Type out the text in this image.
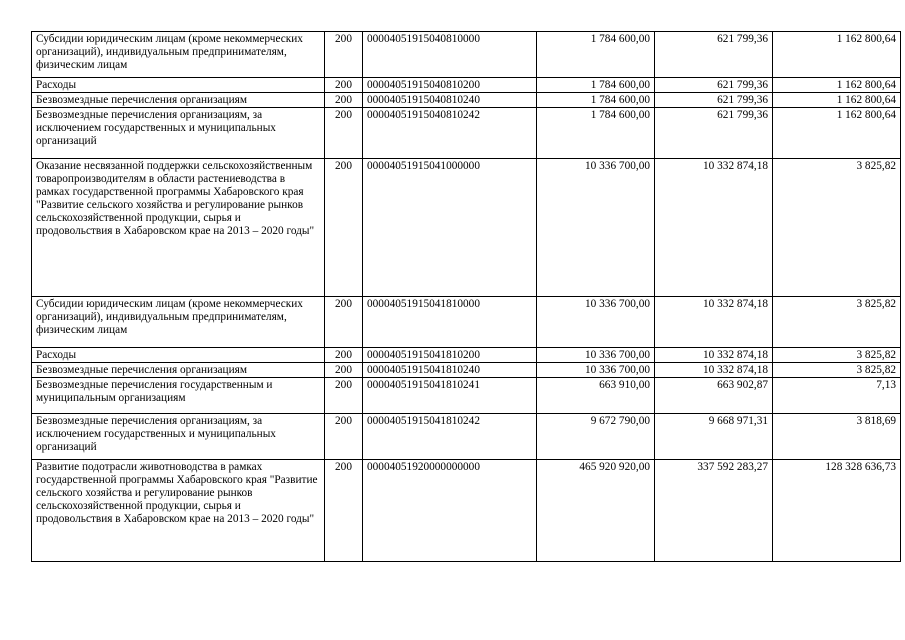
Субсидии юридическим лицам (кроме некоммерческих организаций), индивидуальным предпринимателям, физическим лицам	200	00004051915040810000	1 784 600,00	621 799,36	1 162 800,64
Расходы	200	00004051915040810200	1 784 600,00	621 799,36	1 162 800,64
Безвозмездные перечисления организациям	200	00004051915040810240	1 784 600,00	621 799,36	1 162 800,64
Безвозмездные перечисления организациям, за исключением государственных и муниципальных организаций	200	00004051915040810242	1 784 600,00	621 799,36	1 162 800,64
Оказание несвязанной поддержки сельскохозяйственным товаропроизводителям в области растениеводства в рамках государственной программы Хабаровского края "Развитие сельского хозяйства и регулирование рынков сельскохозяйственной продукции, сырья и продовольствия в Хабаровском крае на 2013 – 2020 годы"	200	00004051915041000000	10 336 700,00	10 332 874,18	3 825,82
Субсидии юридическим лицам (кроме некоммерческих организаций), индивидуальным предпринимателям, физическим лицам	200	00004051915041810000	10 336 700,00	10 332 874,18	3 825,82
Расходы	200	00004051915041810200	10 336 700,00	10 332 874,18	3 825,82
Безвозмездные перечисления организациям	200	00004051915041810240	10 336 700,00	10 332 874,18	3 825,82
Безвозмездные перечисления государственным и муниципальным организациям	200	00004051915041810241	663 910,00	663 902,87	7,13
Безвозмездные перечисления организациям, за исключением государственных и муниципальных организаций	200	00004051915041810242	9 672 790,00	9 668 971,31	3 818,69
Развитие подотрасли животноводства в рамках государственной программы Хабаровского края "Развитие сельского хозяйства и регулирование рынков сельскохозяйственной продукции, сырья и продовольствия в Хабаровском крае на 2013 – 2020 годы"	200	00004051920000000000	465 920 920,00	337 592 283,27	128 328 636,73
